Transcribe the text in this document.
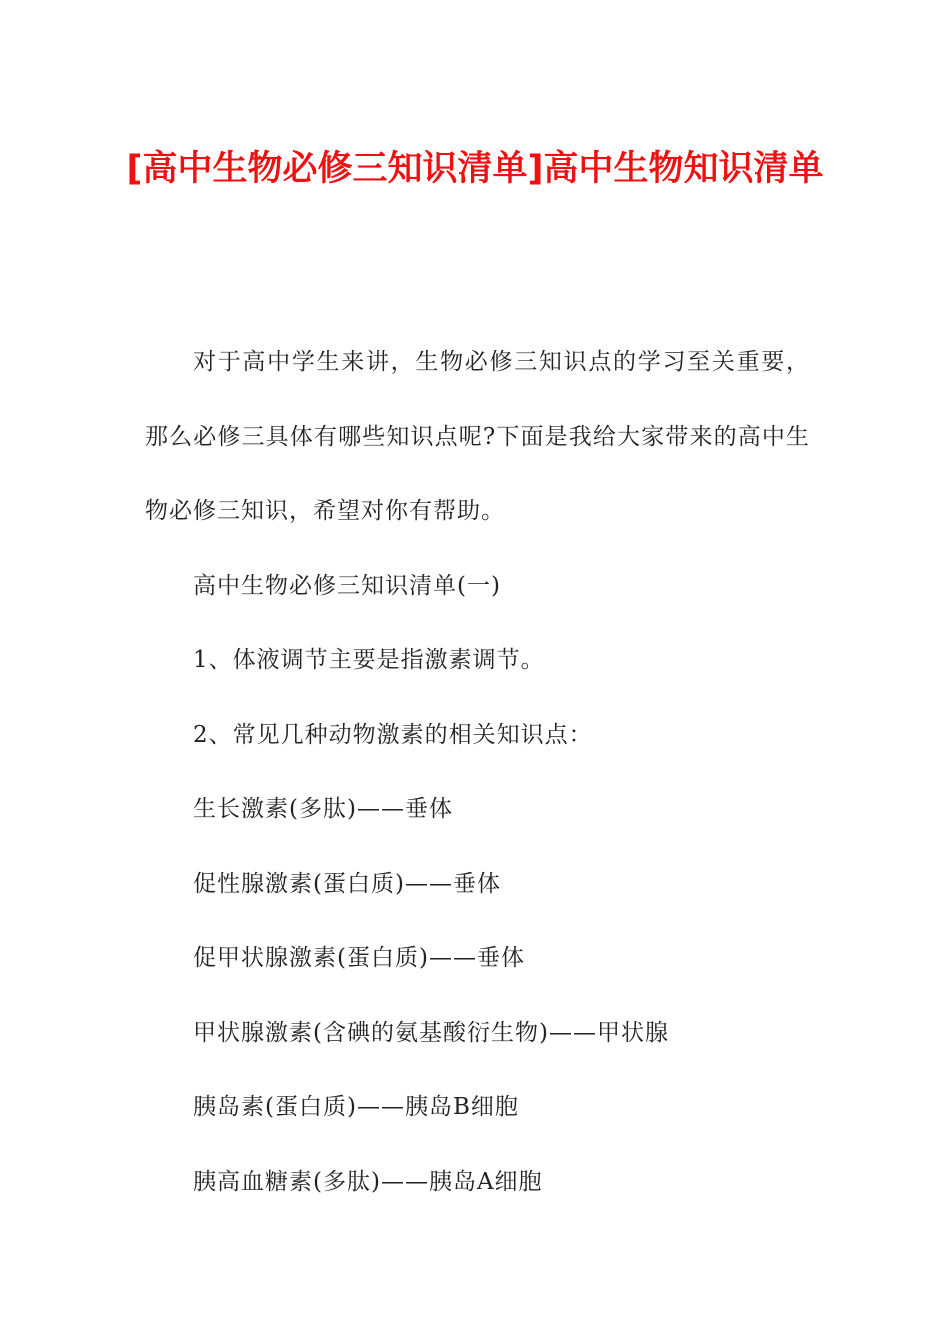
[高中生物必修三知识清单]高中生物知识清单

对于高中学生来讲，生物必修三知识点的学习至关重要，那么必修三具体有哪些知识点呢?下面是我给大家带来的高中生物必修三知识，希望对你有帮助。

高中生物必修三知识清单(一)

1、体液调节主要是指激素调节。

2、常见几种动物激素的相关知识点：

生长激素(多肽)——垂体

促性腺激素(蛋白质)——垂体

促甲状腺激素(蛋白质)——垂体

甲状腺激素(含碘的氨基酸衍生物)——甲状腺

胰岛素(蛋白质)——胰岛B细胞

胰高血糖素(多肽)——胰岛A细胞
